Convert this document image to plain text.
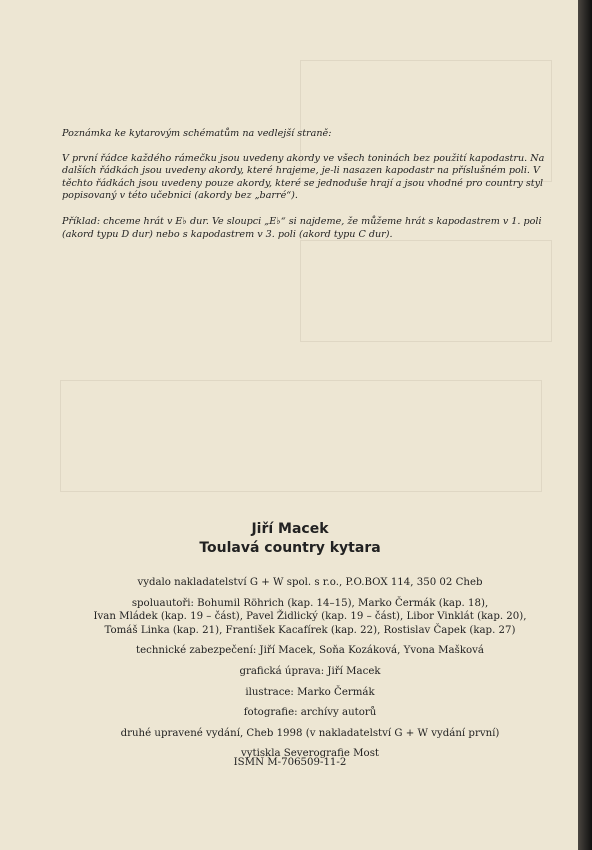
Poznámka ke kytarovým schématům na vedlejší straně:

V první řádce každého rámečku jsou uvedeny akordy ve všech toninách bez použití kapodastru. Na dalších řádkách jsou uvedeny akordy, které hrajeme, je-li nasazen kapodastr na příslušném poli. V těchto řádkách jsou uvedeny pouze akordy, které se jednoduše hrají a jsou vhodné pro country styl popisovaný v této učebnici (akordy bez „barré“).

Příklad: chceme hrát v E♭ dur. Ve sloupci „E♭“ si najdeme, že můžeme hrát s kapodastrem v 1. poli (akord typu D dur) nebo s kapodastrem v 3. poli (akord typu C dur).

Jiří Macek
Toulavá country kytara
vydalo nakladatelství G + W spol. s r.o., P.O.BOX 114, 350 02 Cheb
spoluautoři: Bohumil Röhrich (kap. 14–15), Marko Čermák (kap. 18),
Ivan Mládek (kap. 19 – část), Pavel Židlický (kap. 19 – část), Libor Vinklát (kap. 20),
Tomáš Linka (kap. 21), František Kacafírek (kap. 22), Rostislav Čapek (kap. 27)
technické zabezpečení: Jiří Macek, Soňa Kozáková, Yvona Mašková
grafická úprava: Jiří Macek
ilustrace: Marko Čermák
fotografie: archívy autorů
druhé upravené vydání, Cheb 1998 (v nakladatelství G + W vydání první)
vytiskla Severografie Most
ISMN M-706509-11-2
